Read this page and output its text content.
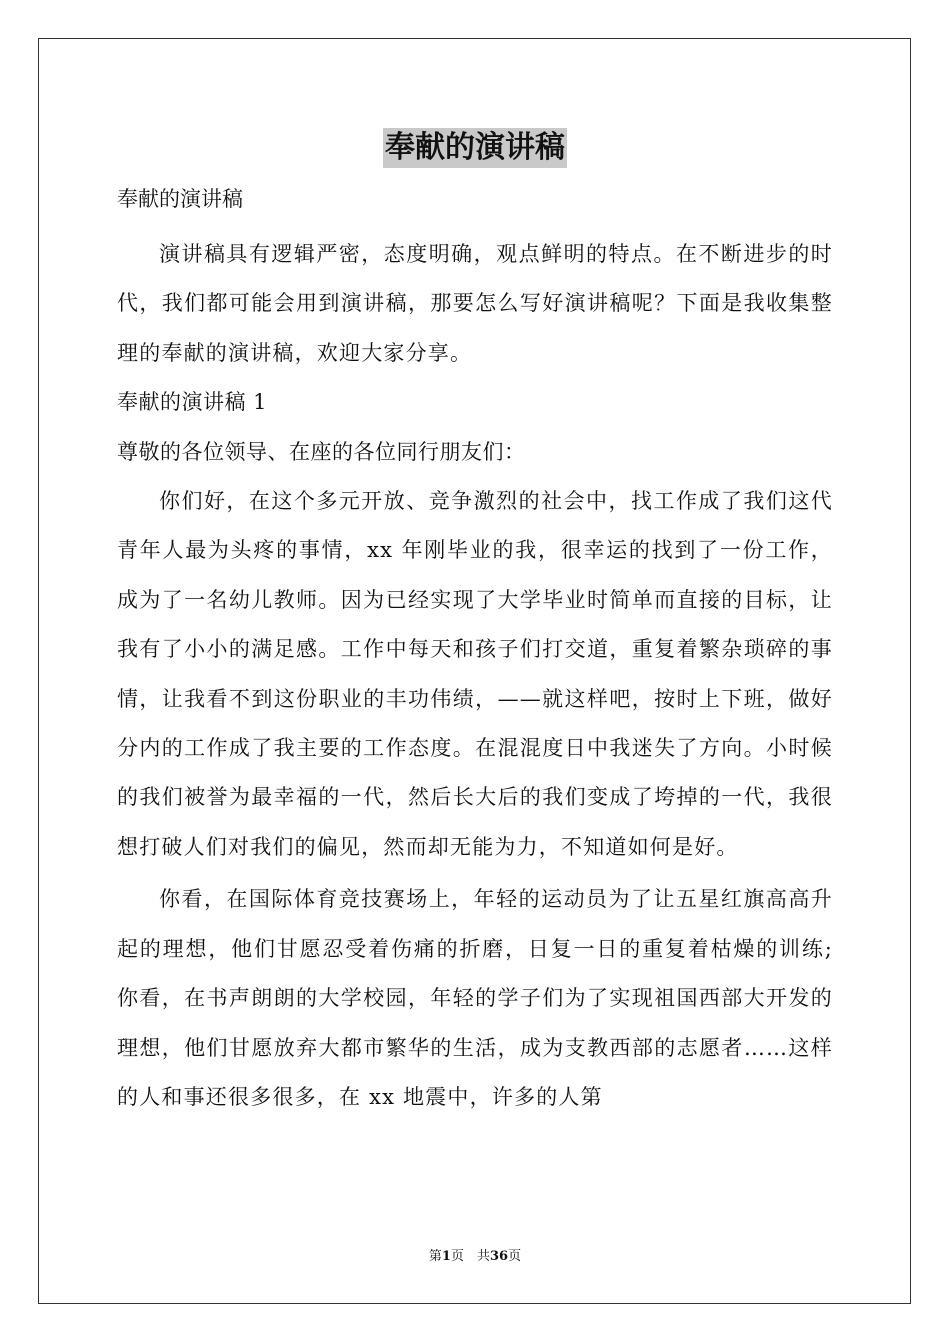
奉献的演讲稿
奉献的演讲稿

演讲稿具有逻辑严密，态度明确，观点鲜明的特点。在不断进步的时代，我们都可能会用到演讲稿，那要怎么写好演讲稿呢？下面是我收集整理的奉献的演讲稿，欢迎大家分享。

奉献的演讲稿 1

尊敬的各位领导、在座的各位同行朋友们：

你们好，在这个多元开放、竞争激烈的社会中，找工作成了我们这代青年人最为头疼的事情，xx 年刚毕业的我，很幸运的找到了一份工作，成为了一名幼儿教师。因为已经实现了大学毕业时简单而直接的目标，让我有了小小的满足感。工作中每天和孩子们打交道，重复着繁杂琐碎的事情，让我看不到这份职业的丰功伟绩，——就这样吧，按时上下班，做好分内的工作成了我主要的工作态度。在混混度日中我迷失了方向。小时候的我们被誉为最幸福的一代，然后长大后的我们变成了垮掉的一代，我很想打破人们对我们的偏见，然而却无能为力，不知道如何是好。

你看，在国际体育竞技赛场上，年轻的运动员为了让五星红旗高高升起的理想，他们甘愿忍受着伤痛的折磨，日复一日的重复着枯燥的训练;你看，在书声朗朗的大学校园，年轻的学子们为了实现祖国西部大开发的理想，他们甘愿放弃大都市繁华的生活，成为支教西部的志愿者……这样的人和事还很多很多，在 xx 地震中，许多的人第

第1页　共36页
